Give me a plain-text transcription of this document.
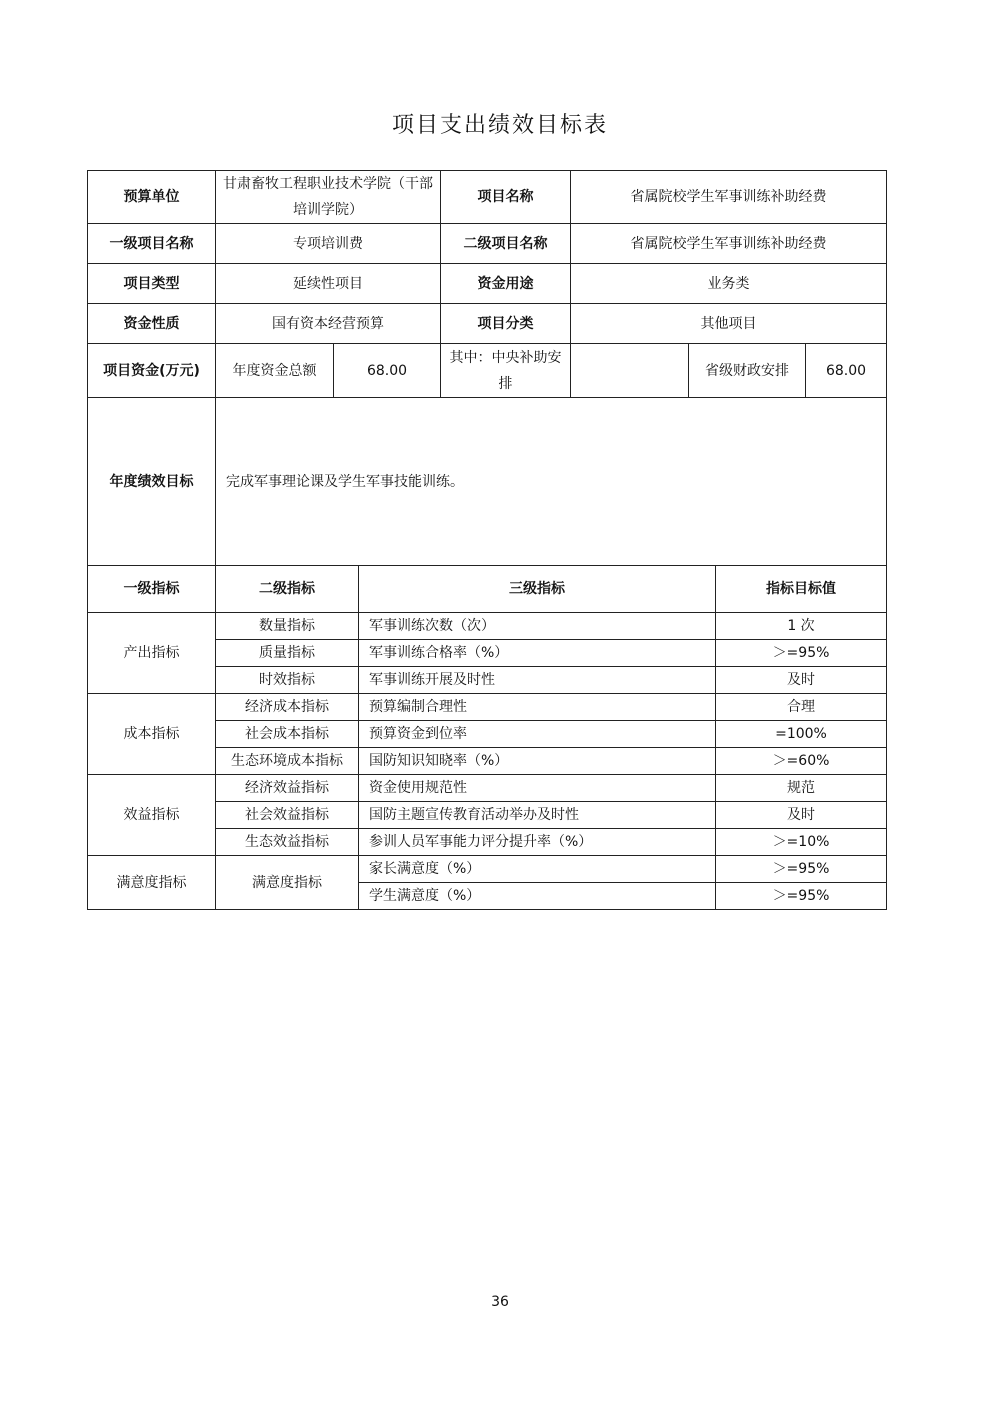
项目支出绩效目标表
预算单位	甘肃畜牧工程职业技术学院（干部培训学院）		项目名称	省属院校学生军事训练补助经费		
一级项目名称	专项培训费		二级项目名称	省属院校学生军事训练补助经费		
项目类型	延续性项目		资金用途	业务类		
资金性质	国有资本经营预算		项目分类	其他项目		
项目资金(万元)	年度资金总额	68.00	其中：中央补助安排		省级财政安排	68.00
年度绩效目标	完成军事理论课及学生军事技能训练。					
一级指标	二级指标	三级指标	指标目标值
产出指标	数量指标	军事训练次数（次）	1 次
	质量指标	军事训练合格率（%）	＞=95%
	时效指标	军事训练开展及时性	及时
成本指标	经济成本指标	预算编制合理性	合理
	社会成本指标	预算资金到位率	=100%
	生态环境成本指标	国防知识知晓率（%）	＞=60%
效益指标	经济效益指标	资金使用规范性	规范
	社会效益指标	国防主题宣传教育活动举办及时性	及时
	生态效益指标	参训人员军事能力评分提升率（%）	＞=10%
满意度指标	满意度指标	家长满意度（%）	＞=95%
		学生满意度（%）	＞=95%
36
